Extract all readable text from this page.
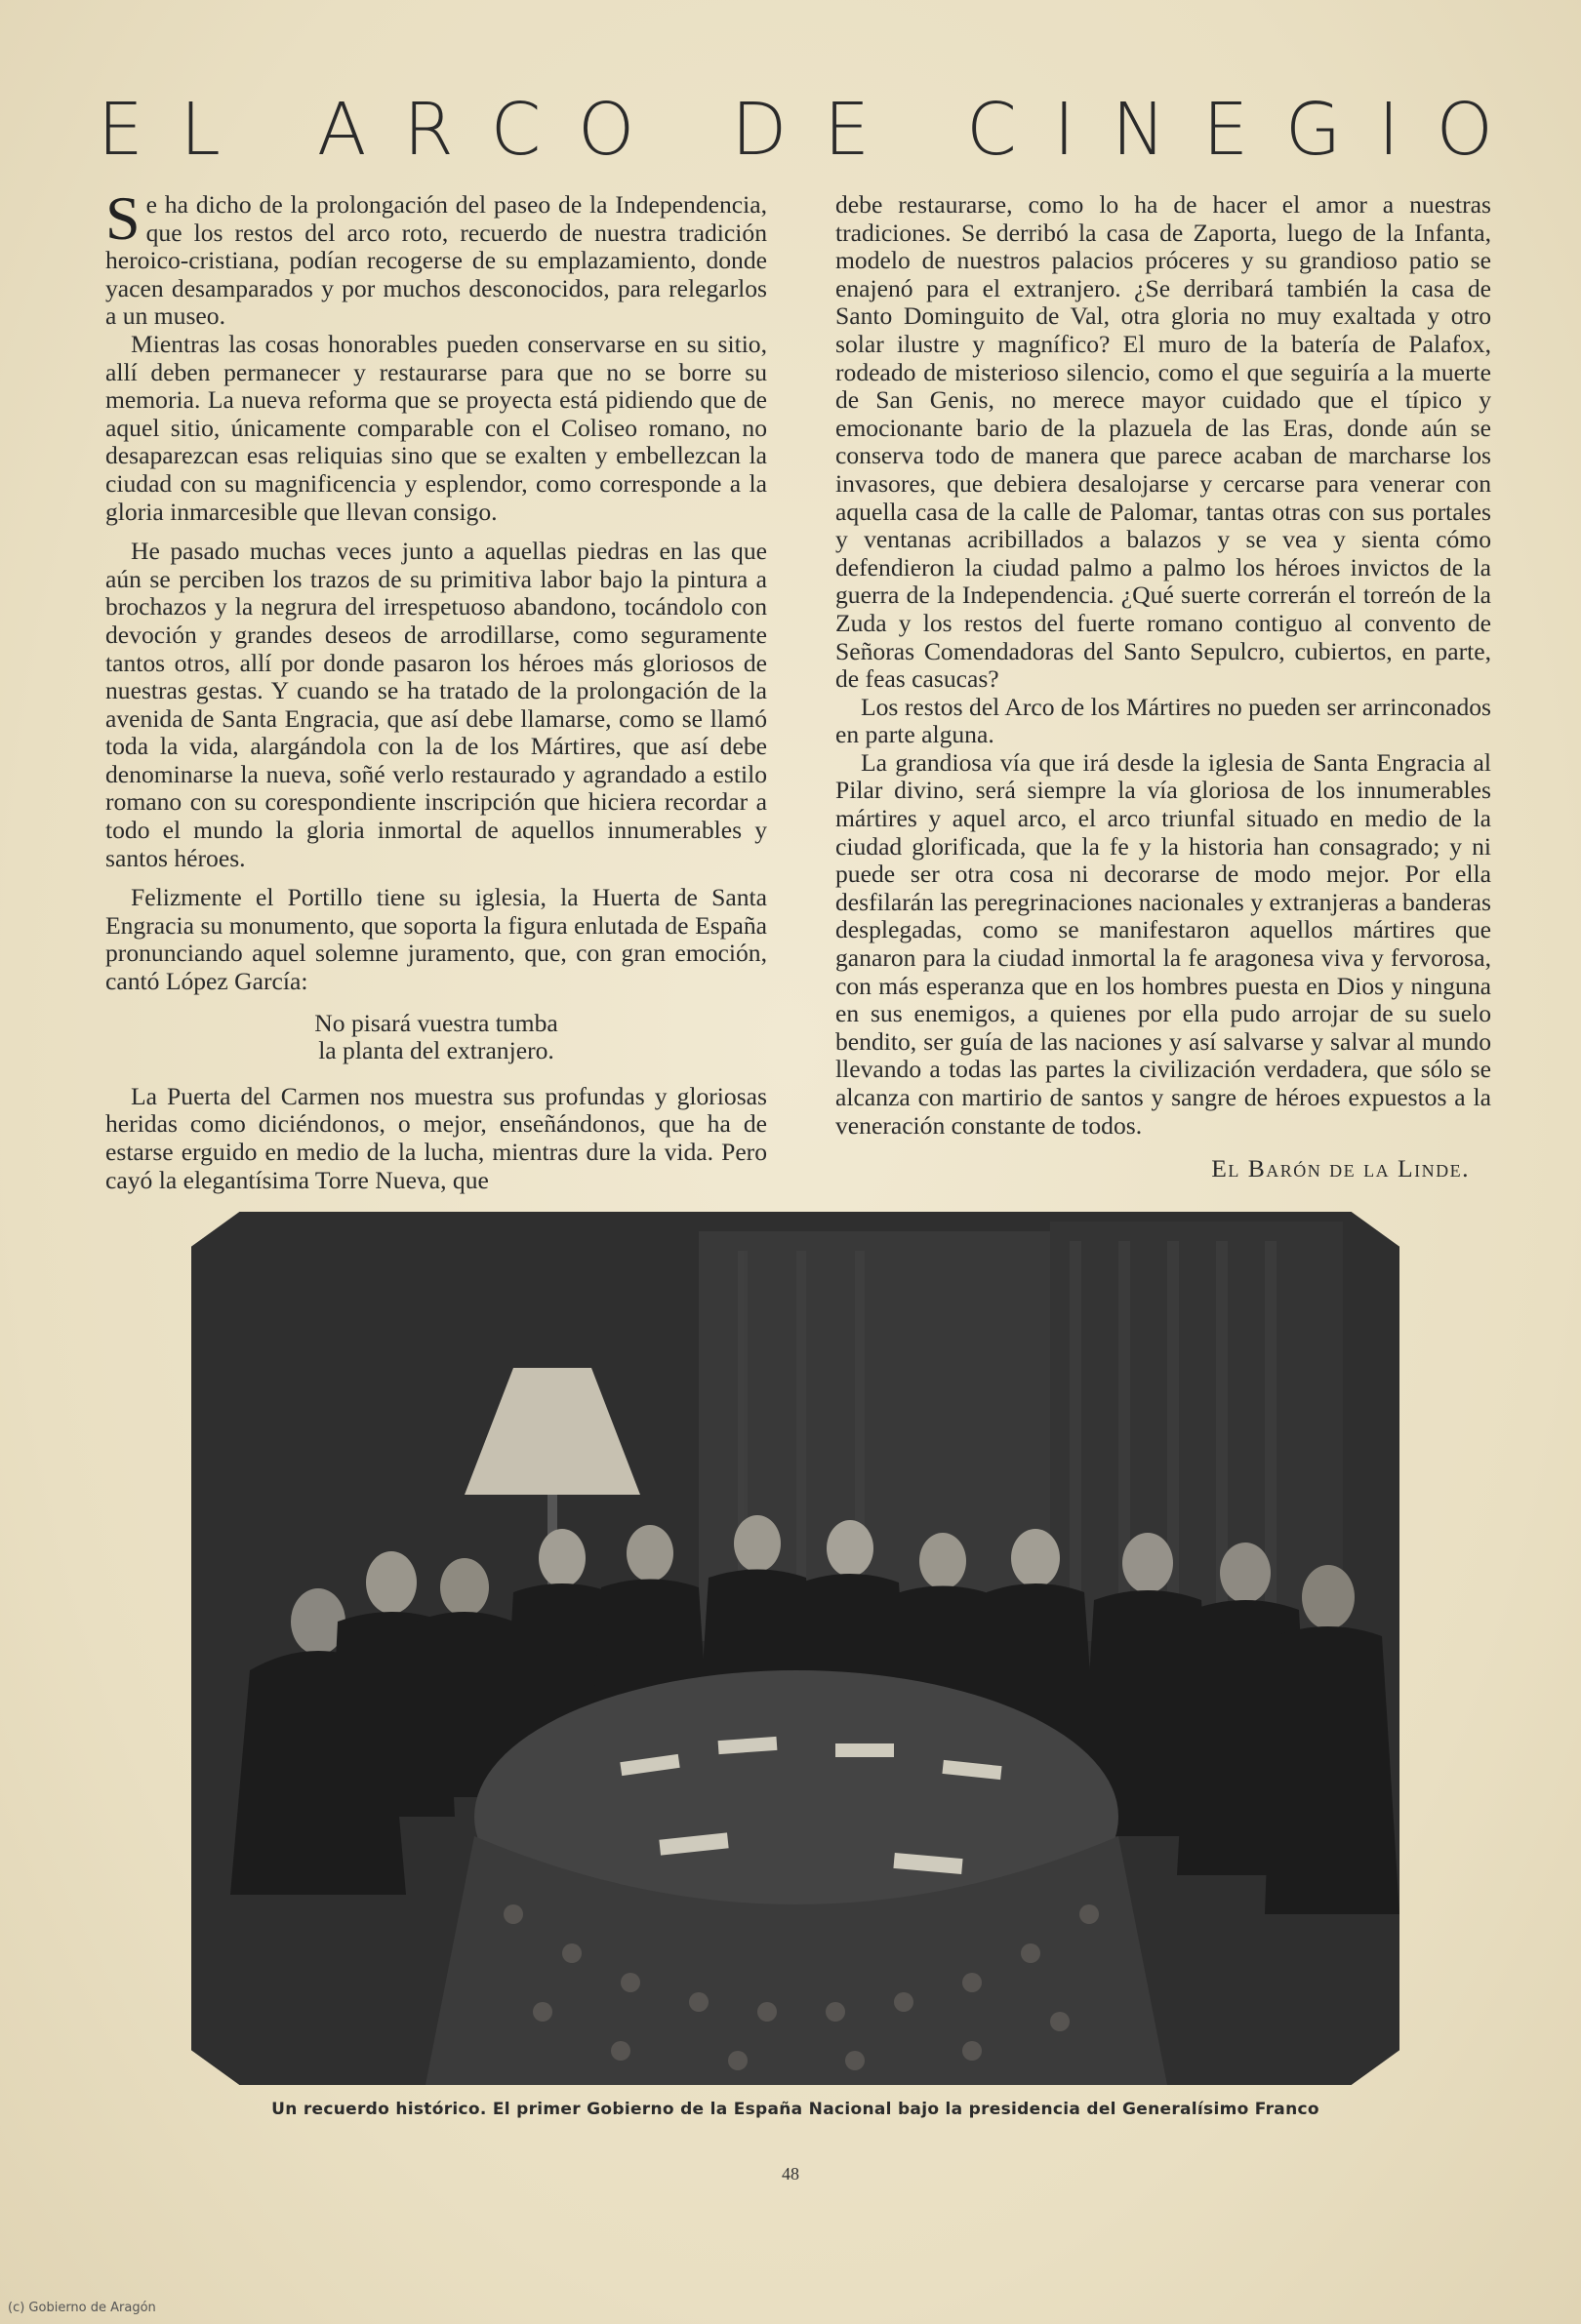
E L
A R C O
D E
C I N E G I O

Se ha dicho de la prolongación del paseo de la Independencia, que los restos del arco roto, recuerdo de nuestra tradición heroico-cristiana, podían recogerse de su emplazamiento, donde yacen desamparados y por muchos desconocidos, para relegarlos a un museo.

Mientras las cosas honorables pueden conservarse en su sitio, allí deben permanecer y restaurarse para que no se borre su memoria. La nueva reforma que se proyecta está pidiendo que de aquel sitio, únicamente comparable con el Coliseo romano, no desaparezcan esas reliquias sino que se exalten y embellezcan la ciudad con su magnificencia y esplendor, como corresponde a la gloria inmarcesible que llevan consigo.

He pasado muchas veces junto a aquellas piedras en las que aún se perciben los trazos de su primitiva labor bajo la pintura a brochazos y la negrura del irrespetuoso abandono, tocándolo con devoción y grandes deseos de arrodillarse, como seguramente tantos otros, allí por donde pasaron los héroes más gloriosos de nuestras gestas. Y cuando se ha tratado de la prolongación de la avenida de Santa Engracia, que así debe llamarse, como se llamó toda la vida, alargándola con la de los Mártires, que así debe denominarse la nueva, soñé verlo restaurado y agrandado a estilo romano con su corespondiente inscripción que hiciera recordar a todo el mundo la gloria inmortal de aquellos innumerables y santos héroes.

Felizmente el Portillo tiene su iglesia, la Huerta de Santa Engracia su monumento, que soporta la figura enlutada de España pronunciando aquel solemne juramento, que, con gran emoción, cantó López García:

No pisará vuestra tumba
la planta del extranjero.

La Puerta del Carmen nos muestra sus profundas y gloriosas heridas como diciéndonos, o mejor, enseñándonos, que ha de estarse erguido en medio de la lucha, mientras dure la vida. Pero cayó la elegantísima Torre Nueva, que

debe restaurarse, como lo ha de hacer el amor a nuestras tradiciones. Se derribó la casa de Zaporta, luego de la Infanta, modelo de nuestros palacios próceres y su grandioso patio se enajenó para el extranjero. ¿Se derribará también la casa de Santo Dominguito de Val, otra gloria no muy exaltada y otro solar ilustre y magnífico? El muro de la batería de Palafox, rodeado de misterioso silencio, como el que seguiría a la muerte de San Genis, no merece mayor cuidado que el típico y emocionante bario de la plazuela de las Eras, donde aún se conserva todo de manera que parece acaban de marcharse los invasores, que debiera desalojarse y cercarse para venerar con aquella casa de la calle de Palomar, tantas otras con sus portales y ventanas acribillados a balazos y se vea y sienta cómo defendieron la ciudad palmo a palmo los héroes invictos de la guerra de la Independencia. ¿Qué suerte correrán el torreón de la Zuda y los restos del fuerte romano contiguo al convento de Señoras Comendadoras del Santo Sepulcro, cubiertos, en parte, de feas casucas?

Los restos del Arco de los Mártires no pueden ser arrinconados en parte alguna.

La grandiosa vía que irá desde la iglesia de Santa Engracia al Pilar divino, será siempre la vía gloriosa de los innumerables mártires y aquel arco, el arco triunfal situado en medio de la ciudad glorificada, que la fe y la historia han consagrado; y ni puede ser otra cosa ni decorarse de modo mejor. Por ella desfilarán las peregrinaciones nacionales y extranjeras a banderas desplegadas, como se manifestaron aquellos mártires que ganaron para la ciudad inmortal la fe aragonesa viva y fervorosa, con más esperanza que en los hombres puesta en Dios y ninguna en sus enemigos, a quienes por ella pudo arrojar de su suelo bendito, ser guía de las naciones y así salvarse y salvar al mundo llevando a todas las partes la civilización verdadera, que sólo se alcanza con martirio de santos y sangre de héroes expuestos a la veneración constante de todos.

El Barón de la Linde.
Un recuerdo histórico. El primer Gobierno de la España Nacional bajo la presidencia del Generalísimo Franco
48
(c) Gobierno de Aragón
